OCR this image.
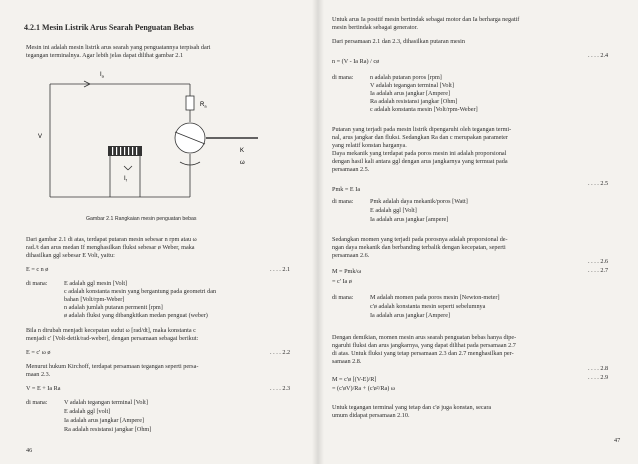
4.2.1 Mesin Listrik Arus Searah Penguatan Bebas
Mesin ini adalah mesin listrik arus searah yang penguatannya terpisah dari
tegangan terminalnya. Agar lebih jelas dapat dilihat gambar 2.1
$I_a$
$R_a$
V
$I_f$
K
ω
Gambar 2.1 Rangkaian mesin penguatan bebas
Dari gambar 2.1 di atas, terdapat putaran mesin sebesar n rpm atau ω
rad./t dan arus medan If menghasilkan fluksi sebesar ø Weber, maka
dihasilkan ggl sebesar E Volt, yaitu:
E = c n ø	. . . . 2.1
di mana:	E adalah ggl mesin [Volt]
c adalah konstanta mesin yang bergantung pada geometri dan
bahan [Volt/rpm-Weber]
n adalah jumlah putaran permenit [rpm]
ø adalah fluksi yang dibangkitkan medan penguat (weber)
Bila n dirubah menjadi kecepatan sudut ω [rad/dt], maka konstanta c
menjadi c' [Volt-detik/rad-weber], dengan persamaan sebagai berikut:
E = c' ω ø	. . . . 2.2
Menurut hukum Kirchoff, terdapat persamaan tegangan seperti persa-
maan 2.3.
V = E + Ia Ra	. . . . 2.3
di mana:	V adalah tegangan terminal [Volt]
E adalah ggl [volt]
Ia adalah arus jangkar [Ampere]
Ra adalah resistansi jangkar [Ohm]
46
Untuk arus Ia positif mesin bertindak sebagai motor dan Ia berharga negatif
mesin bertindak sebagai generator.
Dari persamaan 2.1 dan 2.3, dihasilkan putaran mesin
n = (V - Ia Ra) / cø
. . . . 2.4
di mana:	n adalah putaran poros [rpm]
V adalah tegangan terminal [Volt]
Ia adalah arus jangkar [Ampere]
Ra adalah resistansi jangkar [Ohm]
c adalah konstanta mesin [Volt/rpm-Weber]
Putaran yang terjadi pada mesin listrik dipengaruhi oleh tegangan termi-
nal, arus jangkar dan fluksi. Sedangkan Ra dan c merupakan parameter
yang relatif konstan harganya.
Daya mekanik yang terdapat pada poros mesin ini adalah proporsional
dengan hasil kali antara ggl dengan arus jangkarnya yang termuat pada
persamaan 2.5.
Pmk = E Ia
. . . . 2.5
di mana:	Pmk adalah daya mekanik/poros [Watt]
E adalah ggl [Volt]
Ia adalah arus jangkar [ampere]
Sedangkan momen yang terjadi pada porosnya adalah proporsional de-
ngan daya mekanik dan berbanding terbalik dengan kecepatan, seperti
persamaan 2.6.
M = Pmk/ω
. . . . 2.6
= c' Ia ø
. . . . 2.7
di mana:	M adalah momen pada poros mesin [Newton-meter]
c'ø adalah konstanta mesin seperti sebelumnya
Ia adalah arus jangkar [Ampere]
Dengan demikian, momen mesin arus searah penguatan bebas hanya dipe-
ngaruhi fluksi dan arus jangkarnya, yang dapat dilihat pada persamaan 2.7
di atas. Untuk fluksi yang tetap persamaan 2.3 dan 2.7 menghasilkan per-
samaan 2.8.
M = c'ø [(V-E)/R]
. . . . 2.8
= (c'øV)/Ra + (c'ø²/Ra) ω
. . . . 2.9
Untuk tegangan terminal yang tetap dan c'ø juga konstan, secara
umum didapat persamaan 2.10.
47
